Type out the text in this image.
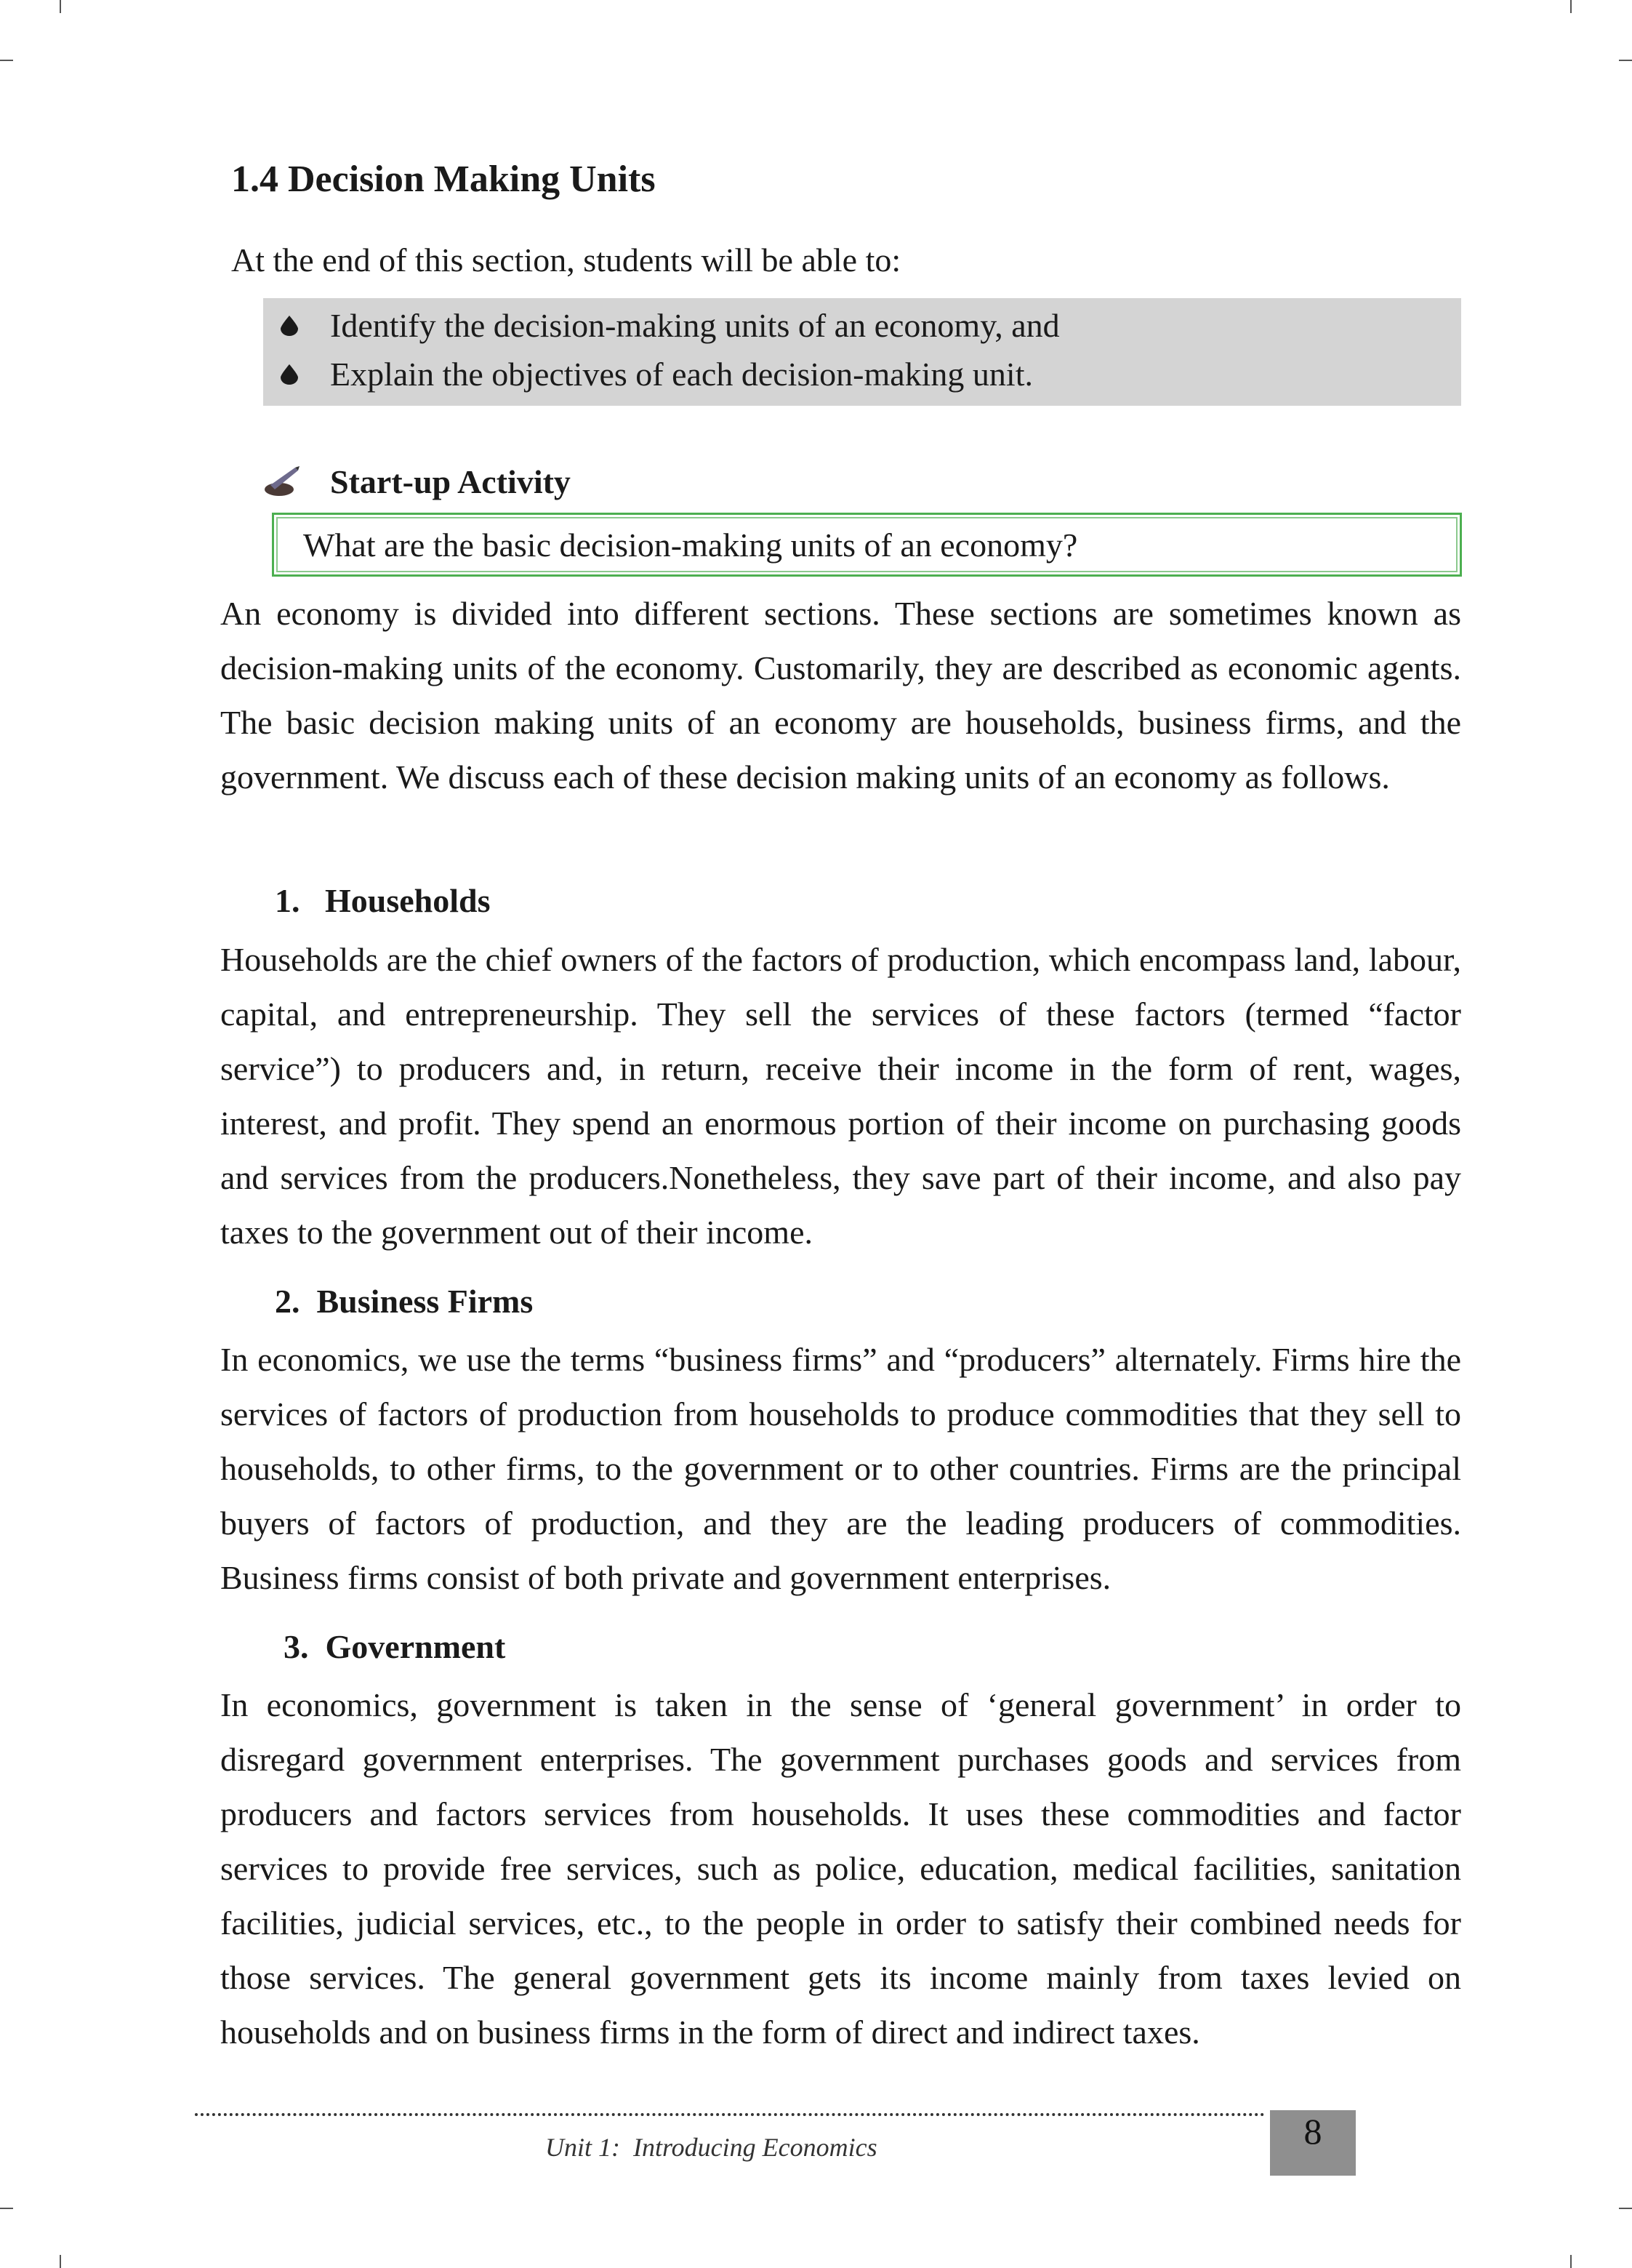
1.4 Decision Making Units

At the end of this section, students will be able to:

Identify the decision-making units of an economy, and
Explain the objectives of each decision-making unit.
Start-up Activity
What are the basic decision-making units of an economy?

An economy is divided into different sections. These sections are sometimes known as decision-making units of the economy. Customarily, they are described as economic agents. The basic decision making units of an economy are households, business firms, and the government. We discuss each of these decision making units of an economy as follows.

1.   Households

Households are the chief owners of the factors of production, which encompass land, labour, capital, and entrepreneurship. They sell the services of these factors (termed “factor service”) to producers and, in return, receive their income in the form of rent, wages, interest, and profit. They spend an enormous portion of their income on purchasing goods and services from the producers.Nonetheless, they save part of their income, and also pay taxes to the government out of their income.

2.  Business Firms

In economics, we use the terms “business firms” and “producers” alternately. Firms hire the services of factors of production from households to produce commodities that they sell to households, to other firms, to the government or to other countries. Firms are the principal buyers of factors of production, and they are the leading producers of commodities. Business firms consist of both private and government enterprises.

3.  Government

In economics, government is taken in the sense of ‘general government’ in order to disregard government enterprises. The government purchases goods and services from producers and factors services from households. It uses these commodities and factor services to provide free services, such as police, education, medical facilities, sanitation facilities, judicial services, etc., to the people in order to satisfy their combined needs for those services. The general government gets its income mainly from taxes levied on households and on business firms in the form of direct and indirect taxes.

Unit 1:  Introducing Economics	8
